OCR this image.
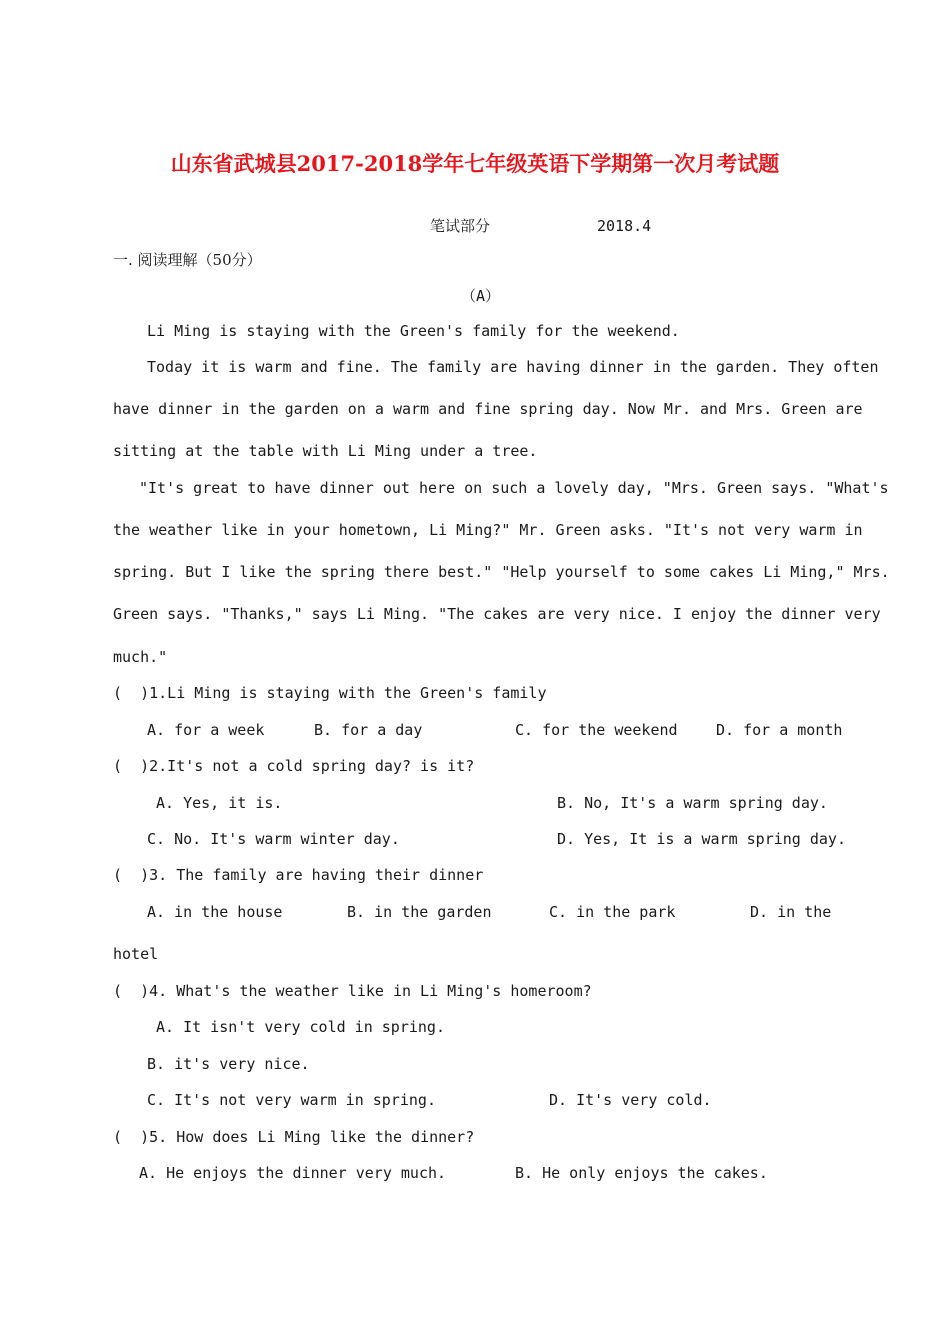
山东省武城县2017-2018学年七年级英语下学期第一次月考试题
笔试部分	2018.4
一. 阅读理解（50分）
（A）
Li Ming is staying with the Green's family for the weekend.
Today it is warm and fine. The family are having dinner in the garden. They often
have dinner in the garden on a warm and fine spring day. Now Mr. and Mrs. Green are
sitting at the table with Li Ming under a tree.
"It's great to have dinner out here on such a lovely day, "Mrs. Green says. "What's
the weather like in your hometown, Li Ming?" Mr. Green asks. "It's not very warm in
spring. But I like the spring there best." "Help yourself to some cakes Li Ming," Mrs.
Green says. "Thanks," says Li Ming. "The cakes are very nice. I enjoy the dinner very
much."
(  )1.Li Ming is staying with the Green's family
A. for a week	B. for a day	C. for the weekend	D. for a month
(  )2.It's not a cold spring day? is it?
A. Yes, it is.	B. No, It's a warm spring day.
C. No. It's warm winter day.	D. Yes, It is a warm spring day.
(  )3. The family are having their dinner
A. in the house	B. in the garden	C. in the park	D. in the
hotel
(  )4. What's the weather like in Li Ming's homeroom?
A. It isn't very cold in spring.
B. it's very nice.
C. It's not very warm in spring.	D. It's very cold.
(  )5. How does Li Ming like the dinner?
A. He enjoys the dinner very much.	B. He only enjoys the cakes.
